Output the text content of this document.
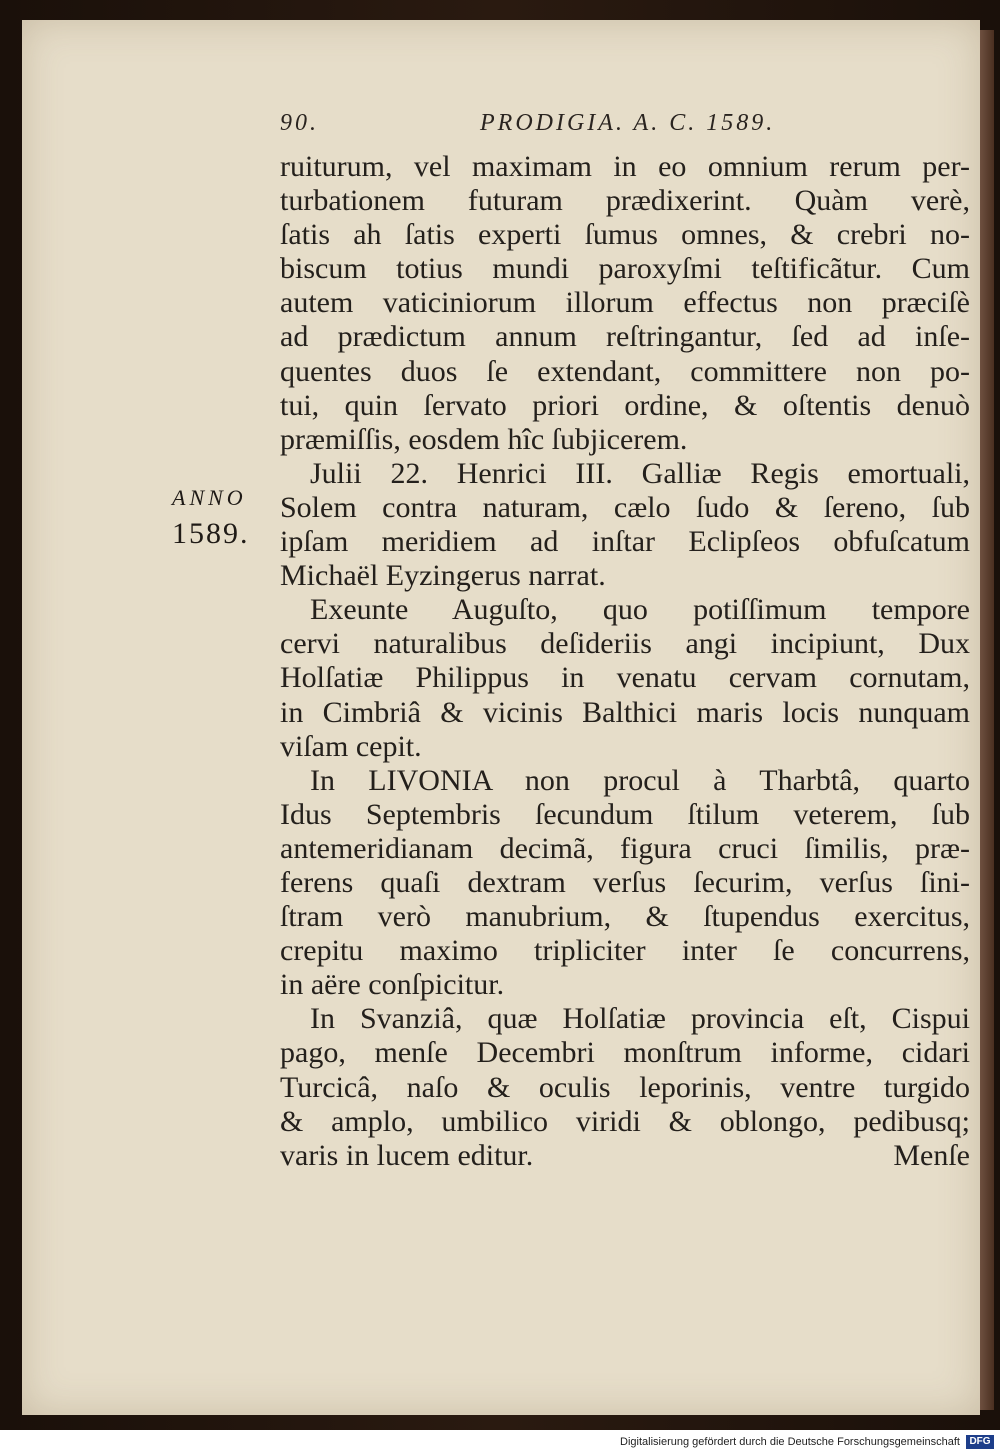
90.	PRODIGIA. A. C. 1589.
ANNO
1589.
ruiturum, vel maximam in eo omnium rerum per-
turbationem futuram prædixerint. Quàm verè,
ſatis ah ſatis experti ſumus omnes, & crebri no-
biscum totius mundi paroxyſmi teſtificãtur. Cum
autem vaticiniorum illorum effectus non præciſè
ad prædictum annum reſtringantur, ſed ad inſe-
quentes duos ſe extendant, committere non po-
tui, quin ſervato priori ordine, & oſtentis denuò
præmiſſis, eosdem hîc ſubjicerem.
Julii 22. Henrici III. Galliæ Regis emortuali,
Solem contra naturam, cælo ſudo & ſereno, ſub
ipſam meridiem ad inſtar Eclipſeos obfuſcatum
Michaël Eyzingerus narrat.
Exeunte Auguſto, quo potiſſimum tempore
cervi naturalibus deſideriis angi incipiunt, Dux
Holſatiæ Philippus in venatu cervam cornutam,
in Cimbriâ & vicinis Balthici maris locis nunquam
viſam cepit.
In LIVONIA non procul à Tharbtâ, quarto
Idus Septembris ſecundum ſtilum veterem, ſub
antemeridianam decimã, figura cruci ſimilis, præ-
ferens quaſi dextram verſus ſecurim, verſus ſini-
ſtram verò manubrium, & ſtupendus exercitus,
crepitu maximo tripliciter inter ſe concurrens,
in aëre conſpicitur.
In Svanziâ, quæ Holſatiæ provincia eſt, Cispui
pago, menſe Decembri monſtrum informe, cidari
Turcicâ, naſo & oculis leporinis, ventre turgido
& amplo, umbilico viridi & oblongo, pedibusq;
varis in lucem editur.	Menſe
Digitalisierung gefördert durch die Deutsche Forschungsgemeinschaft DFG
